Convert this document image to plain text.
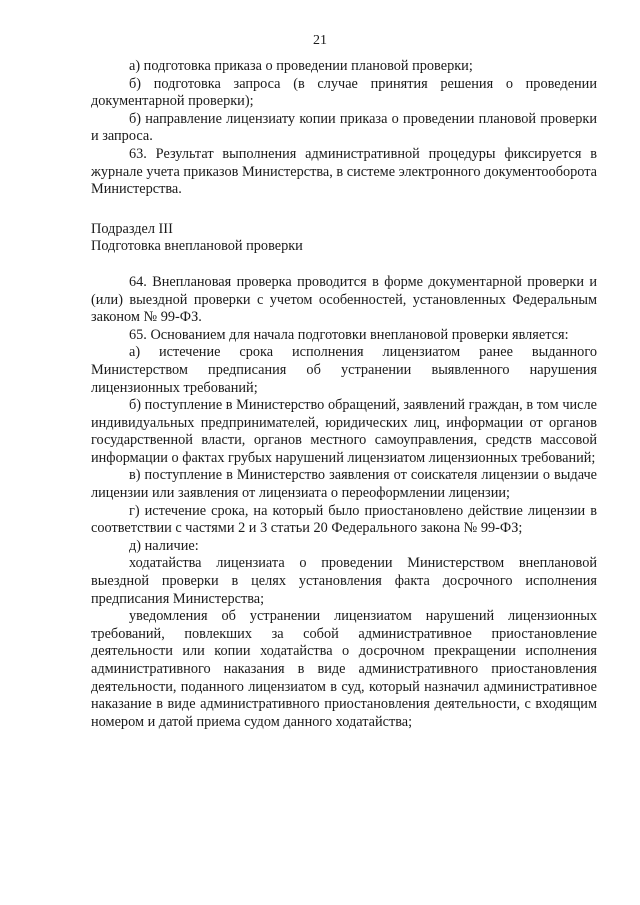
21

а) подготовка приказа о проведении плановой проверки;

б) подготовка запроса (в случае принятия решения о проведении документарной проверки);

б) направление лицензиату копии приказа о проведении плановой проверки и запроса.

63. Результат выполнения административной процедуры фиксируется в журнале учета приказов Министерства, в системе электронного документооборота Министерства.

Подраздел III

Подготовка внеплановой проверки

64. Внеплановая проверка проводится в форме документарной проверки и (или) выездной проверки с учетом особенностей, установленных Федеральным законом № 99-ФЗ.

65. Основанием для начала подготовки внеплановой проверки является:

а) истечение срока исполнения лицензиатом ранее выданного Министерством предписания об устранении выявленного нарушения лицензионных требований;

б) поступление в Министерство обращений, заявлений граждан, в том числе индивидуальных предпринимателей, юридических лиц, информации от органов государственной власти, органов местного самоуправления, средств массовой информации о фактах грубых нарушений лицензиатом лицензионных требований;

в) поступление в Министерство заявления от соискателя лицензии о выдаче лицензии или заявления от лицензиата о переоформлении лицензии;

г) истечение срока, на который было приостановлено действие лицензии в соответствии с частями 2 и 3 статьи 20 Федерального закона № 99-ФЗ;

д) наличие:

ходатайства лицензиата о проведении Министерством внеплановой выездной проверки в целях установления факта досрочного исполнения предписания Министерства;

уведомления об устранении лицензиатом нарушений лицензионных требований, повлекших за собой административное приостановление деятельности или копии ходатайства о досрочном прекращении исполнения административного наказания в виде административного приостановления деятельности, поданного лицензиатом в суд, который назначил административное наказание в виде административного приостановления деятельности, с входящим номером и датой приема судом данного ходатайства;
